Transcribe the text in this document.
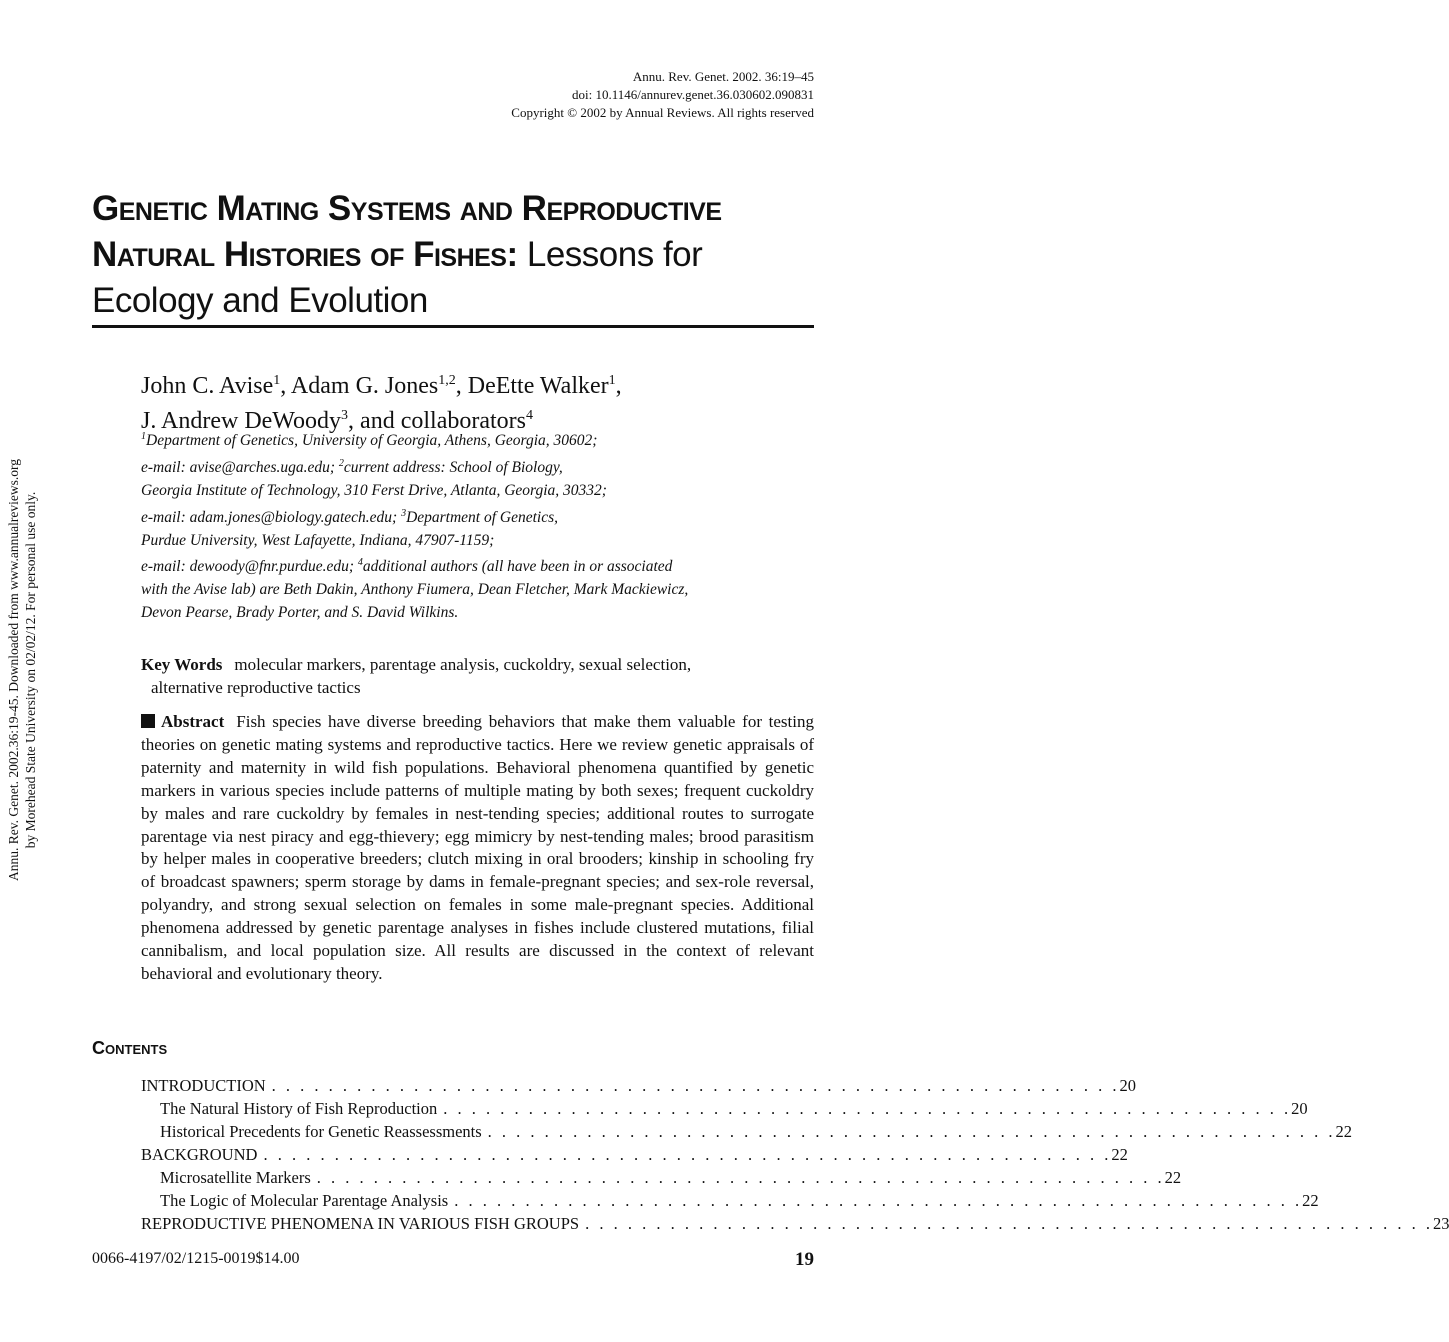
Annu. Rev. Genet. 2002. 36:19–45
doi: 10.1146/annurev.genet.36.030602.090831
Copyright © 2002 by Annual Reviews. All rights reserved
Annu. Rev. Genet. 2002.36:19-45. Downloaded from www.annualreviews.org by Morehead State University on 02/02/12. For personal use only.
Genetic Mating Systems and Reproductive Natural Histories of Fishes: Lessons for Ecology and Evolution
John C. Avise$^1$, Adam G. Jones$^{1,2}$, DeEtte Walker$^1$,
J. Andrew DeWoody$^3$, and collaborators$^4$
$^1$Department of Genetics, University of Georgia, Athens, Georgia, 30602;
e-mail: avise@arches.uga.edu; $^2$current address: School of Biology,
Georgia Institute of Technology, 310 Ferst Drive, Atlanta, Georgia, 30332;
e-mail: adam.jones@biology.gatech.edu; $^3$Department of Genetics,
Purdue University, West Lafayette, Indiana, 47907-1159;
e-mail: dewoody@fnr.purdue.edu; $^4$additional authors (all have been in or associated
with the Avise lab) are Beth Dakin, Anthony Fiumera, Dean Fletcher, Mark Mackiewicz,
Devon Pearse, Brady Porter, and S. David Wilkins.
Key Words molecular markers, parentage analysis, cuckoldry, sexual selection,
alternative reproductive tactics
Abstract Fish species have diverse breeding behaviors that make them valuable for testing theories on genetic mating systems and reproductive tactics. Here we review genetic appraisals of paternity and maternity in wild fish populations. Behavioral phenomena quantified by genetic markers in various species include patterns of multiple mating by both sexes; frequent cuckoldry by males and rare cuckoldry by females in nest-tending species; additional routes to surrogate parentage via nest piracy and egg-thievery; egg mimicry by nest-tending males; brood parasitism by helper males in cooperative breeders; clutch mixing in oral brooders; kinship in schooling fry of broadcast spawners; sperm storage by dams in female-pregnant species; and sex-role reversal, polyandry, and strong sexual selection on females in some male-pregnant species. Additional phenomena addressed by genetic parentage analyses in fishes include clustered mutations, filial cannibalism, and local population size. All results are discussed in the context of relevant behavioral and evolutionary theory.
Contents
INTRODUCTION . . . . . . . . . . . . . . . . . . . . . . . . . . . . . . . . . . . . . . . . . . . . . . . . . . . . . . . . . . . . 20
The Natural History of Fish Reproduction . . . . . . . . . . . . . . . . . . . . . . . . . . . . . . . . . . . . . . . . . . . . . . . . . . . . . . . . . . . . 20
Historical Precedents for Genetic Reassessments . . . . . . . . . . . . . . . . . . . . . . . . . . . . . . . . . . . . . . . . . . . . . . . . . . . . . . . . . . . . 22
BACKGROUND . . . . . . . . . . . . . . . . . . . . . . . . . . . . . . . . . . . . . . . . . . . . . . . . . . . . . . . . . . . . 22
Microsatellite Markers . . . . . . . . . . . . . . . . . . . . . . . . . . . . . . . . . . . . . . . . . . . . . . . . . . . . . . . . . . . . 22
The Logic of Molecular Parentage Analysis . . . . . . . . . . . . . . . . . . . . . . . . . . . . . . . . . . . . . . . . . . . . . . . . . . . . . . . . . . . . 22
REPRODUCTIVE PHENOMENA IN VARIOUS FISH GROUPS . . . . . . . . . . . . . . . . . . . . . . . . . . . . . . . . . . . . . . . . . . . . . . . . . . . . . . . . . . . . 23
0066-4197/02/1215-0019$14.00	19
